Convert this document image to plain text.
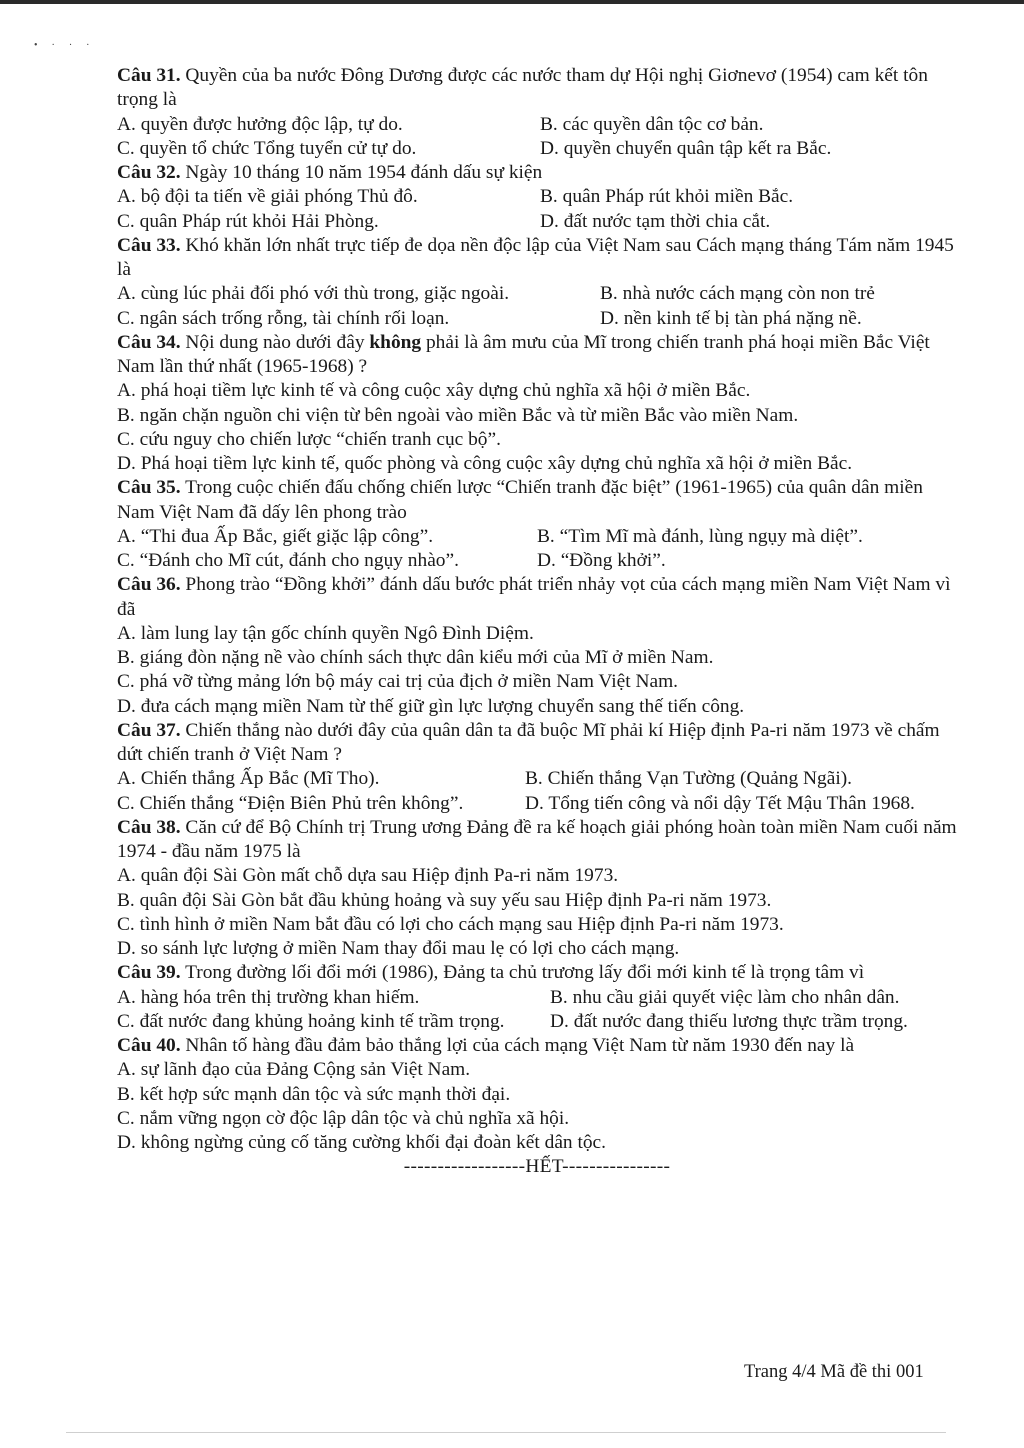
•···
Câu 31. Quyền của ba nước Đông Dương được các nước tham dự Hội nghị Giơnevơ (1954) cam kết tôn trọng là
A. quyền được hưởng độc lập, tự do.	B. các quyền dân tộc cơ bản.
C. quyền tổ chức Tổng tuyển cử tự do.	D. quyền chuyển quân tập kết ra Bắc.
Câu 32. Ngày 10 tháng 10 năm 1954 đánh dấu sự kiện
A. bộ đội ta tiến về giải phóng Thủ đô.	B. quân Pháp rút khỏi miền Bắc.
C. quân Pháp rút khỏi Hải Phòng.	D. đất nước tạm thời chia cắt.
Câu 33. Khó khăn lớn nhất trực tiếp đe dọa nền độc lập của Việt Nam sau Cách mạng tháng Tám năm 1945 là
A. cùng lúc phải đối phó với thù trong, giặc ngoài.	B. nhà nước cách mạng còn non trẻ
C. ngân sách trống rỗng, tài chính rối loạn.	D. nền kinh tế bị tàn phá nặng nề.
Câu 34. Nội dung nào dưới đây không phải là âm mưu của Mĩ trong chiến tranh phá hoại miền Bắc Việt Nam lần thứ nhất (1965-1968) ?
A. phá hoại tiềm lực kinh tế và công cuộc xây dựng chủ nghĩa xã hội ở miền Bắc.
B. ngăn chặn nguồn chi viện từ bên ngoài vào miền Bắc và từ miền Bắc vào miền Nam.
C. cứu nguy cho chiến lược “chiến tranh cục bộ”.
D. Phá hoại tiềm lực kinh tế, quốc phòng và công cuộc xây dựng chủ nghĩa xã hội ở miền Bắc.
Câu 35. Trong cuộc chiến đấu chống chiến lược “Chiến tranh đặc biệt” (1961-1965) của quân dân miền Nam Việt Nam đã dấy lên phong trào
A. “Thi đua Ấp Bắc, giết giặc lập công”.	B. “Tìm Mĩ mà đánh, lùng ngụy mà diệt”.
C. “Đánh cho Mĩ cút, đánh cho ngụy nhào”.	D. “Đồng khởi”.
Câu 36. Phong trào “Đồng khởi” đánh dấu bước phát triển nhảy vọt của cách mạng miền Nam Việt Nam vì đã
A. làm lung lay tận gốc chính quyền Ngô Đình Diệm.
B. giáng đòn nặng nề vào chính sách thực dân kiểu mới của Mĩ ở miền Nam.
C. phá vỡ từng mảng lớn bộ máy cai trị của địch ở miền Nam Việt Nam.
D. đưa cách mạng miền Nam từ thế giữ gìn lực lượng chuyển sang thế tiến công.
Câu 37. Chiến thắng nào dưới đây của quân dân ta đã buộc Mĩ phải kí Hiệp định Pa-ri năm 1973 về chấm dứt chiến tranh ở Việt Nam ?
A. Chiến thắng Ấp Bắc (Mĩ Tho).	B. Chiến thắng Vạn Tường (Quảng Ngãi).
C. Chiến thắng “Điện Biên Phủ trên không”.	D. Tổng tiến công và nổi dậy Tết Mậu Thân 1968.
Câu 38. Căn cứ để Bộ Chính trị Trung ương Đảng đề ra kế hoạch giải phóng hoàn toàn miền Nam cuối năm 1974 - đầu năm 1975 là
A. quân đội Sài Gòn mất chỗ dựa sau Hiệp định Pa-ri năm 1973.
B. quân đội Sài Gòn bắt đầu khủng hoảng và suy yếu sau Hiệp định Pa-ri năm 1973.
C. tình hình ở miền Nam bắt đầu có lợi cho cách mạng sau Hiệp định Pa-ri năm 1973.
D. so sánh lực lượng ở miền Nam thay đổi mau lẹ có lợi cho cách mạng.
Câu 39. Trong đường lối đổi mới (1986), Đảng ta chủ trương lấy đổi mới kinh tế là trọng tâm vì
A. hàng hóa trên thị trường khan hiếm.	B. nhu cầu giải quyết việc làm cho nhân dân.
C. đất nước đang khủng hoảng kinh tế trầm trọng.	D. đất nước đang thiếu lương thực trầm trọng.
Câu 40. Nhân tố hàng đầu đảm bảo thắng lợi của cách mạng Việt Nam từ năm 1930 đến nay là
A. sự lãnh đạo của Đảng Cộng sản Việt Nam.
B. kết hợp sức mạnh dân tộc và sức mạnh thời đại.
C. nắm vững ngọn cờ độc lập dân tộc và chủ nghĩa xã hội.
D. không ngừng củng cố tăng cường khối đại đoàn kết dân tộc.
------------------HẾT----------------
Trang 4/4 Mã đề thi 001
